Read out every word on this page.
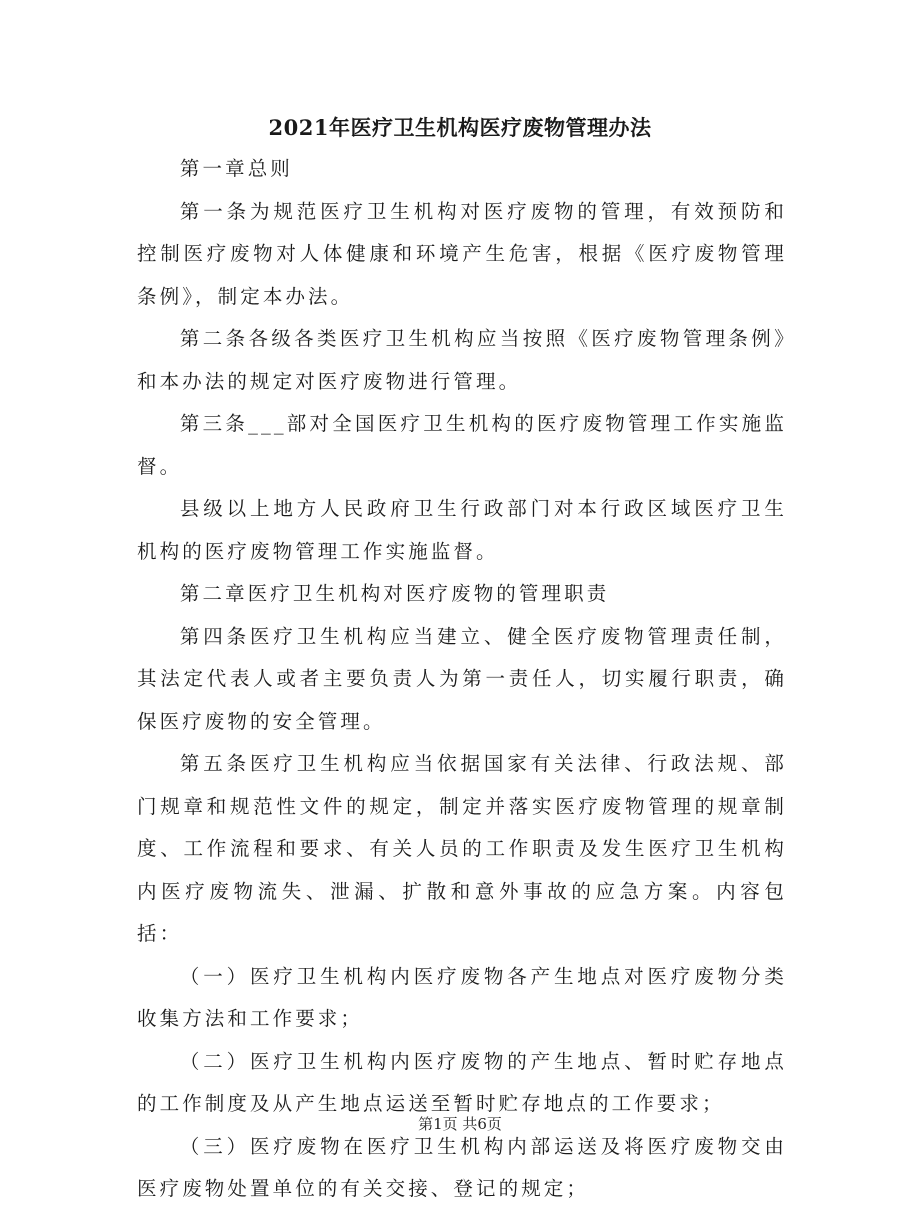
2021年医疗卫生机构医疗废物管理办法

第一章总则

第一条为规范医疗卫生机构对医疗废物的管理，有效预防和控制医疗废物对人体健康和环境产生危害，根据《医疗废物管理条例》，制定本办法。

第二条各级各类医疗卫生机构应当按照《医疗废物管理条例》和本办法的规定对医疗废物进行管理。

第三条___部对全国医疗卫生机构的医疗废物管理工作实施监督。

县级以上地方人民政府卫生行政部门对本行政区域医疗卫生机构的医疗废物管理工作实施监督。

第二章医疗卫生机构对医疗废物的管理职责

第四条医疗卫生机构应当建立、健全医疗废物管理责任制，其法定代表人或者主要负责人为第一责任人，切实履行职责，确保医疗废物的安全管理。

第五条医疗卫生机构应当依据国家有关法律、行政法规、部门规章和规范性文件的规定，制定并落实医疗废物管理的规章制度、工作流程和要求、有关人员的工作职责及发生医疗卫生机构内医疗废物流失、泄漏、扩散和意外事故的应急方案。内容包括：

（一）医疗卫生机构内医疗废物各产生地点对医疗废物分类收集方法和工作要求；

（二）医疗卫生机构内医疗废物的产生地点、暂时贮存地点的工作制度及从产生地点运送至暂时贮存地点的工作要求；

（三）医疗废物在医疗卫生机构内部运送及将医疗废物交由医疗废物处置单位的有关交接、登记的规定；

第1页 共6页
